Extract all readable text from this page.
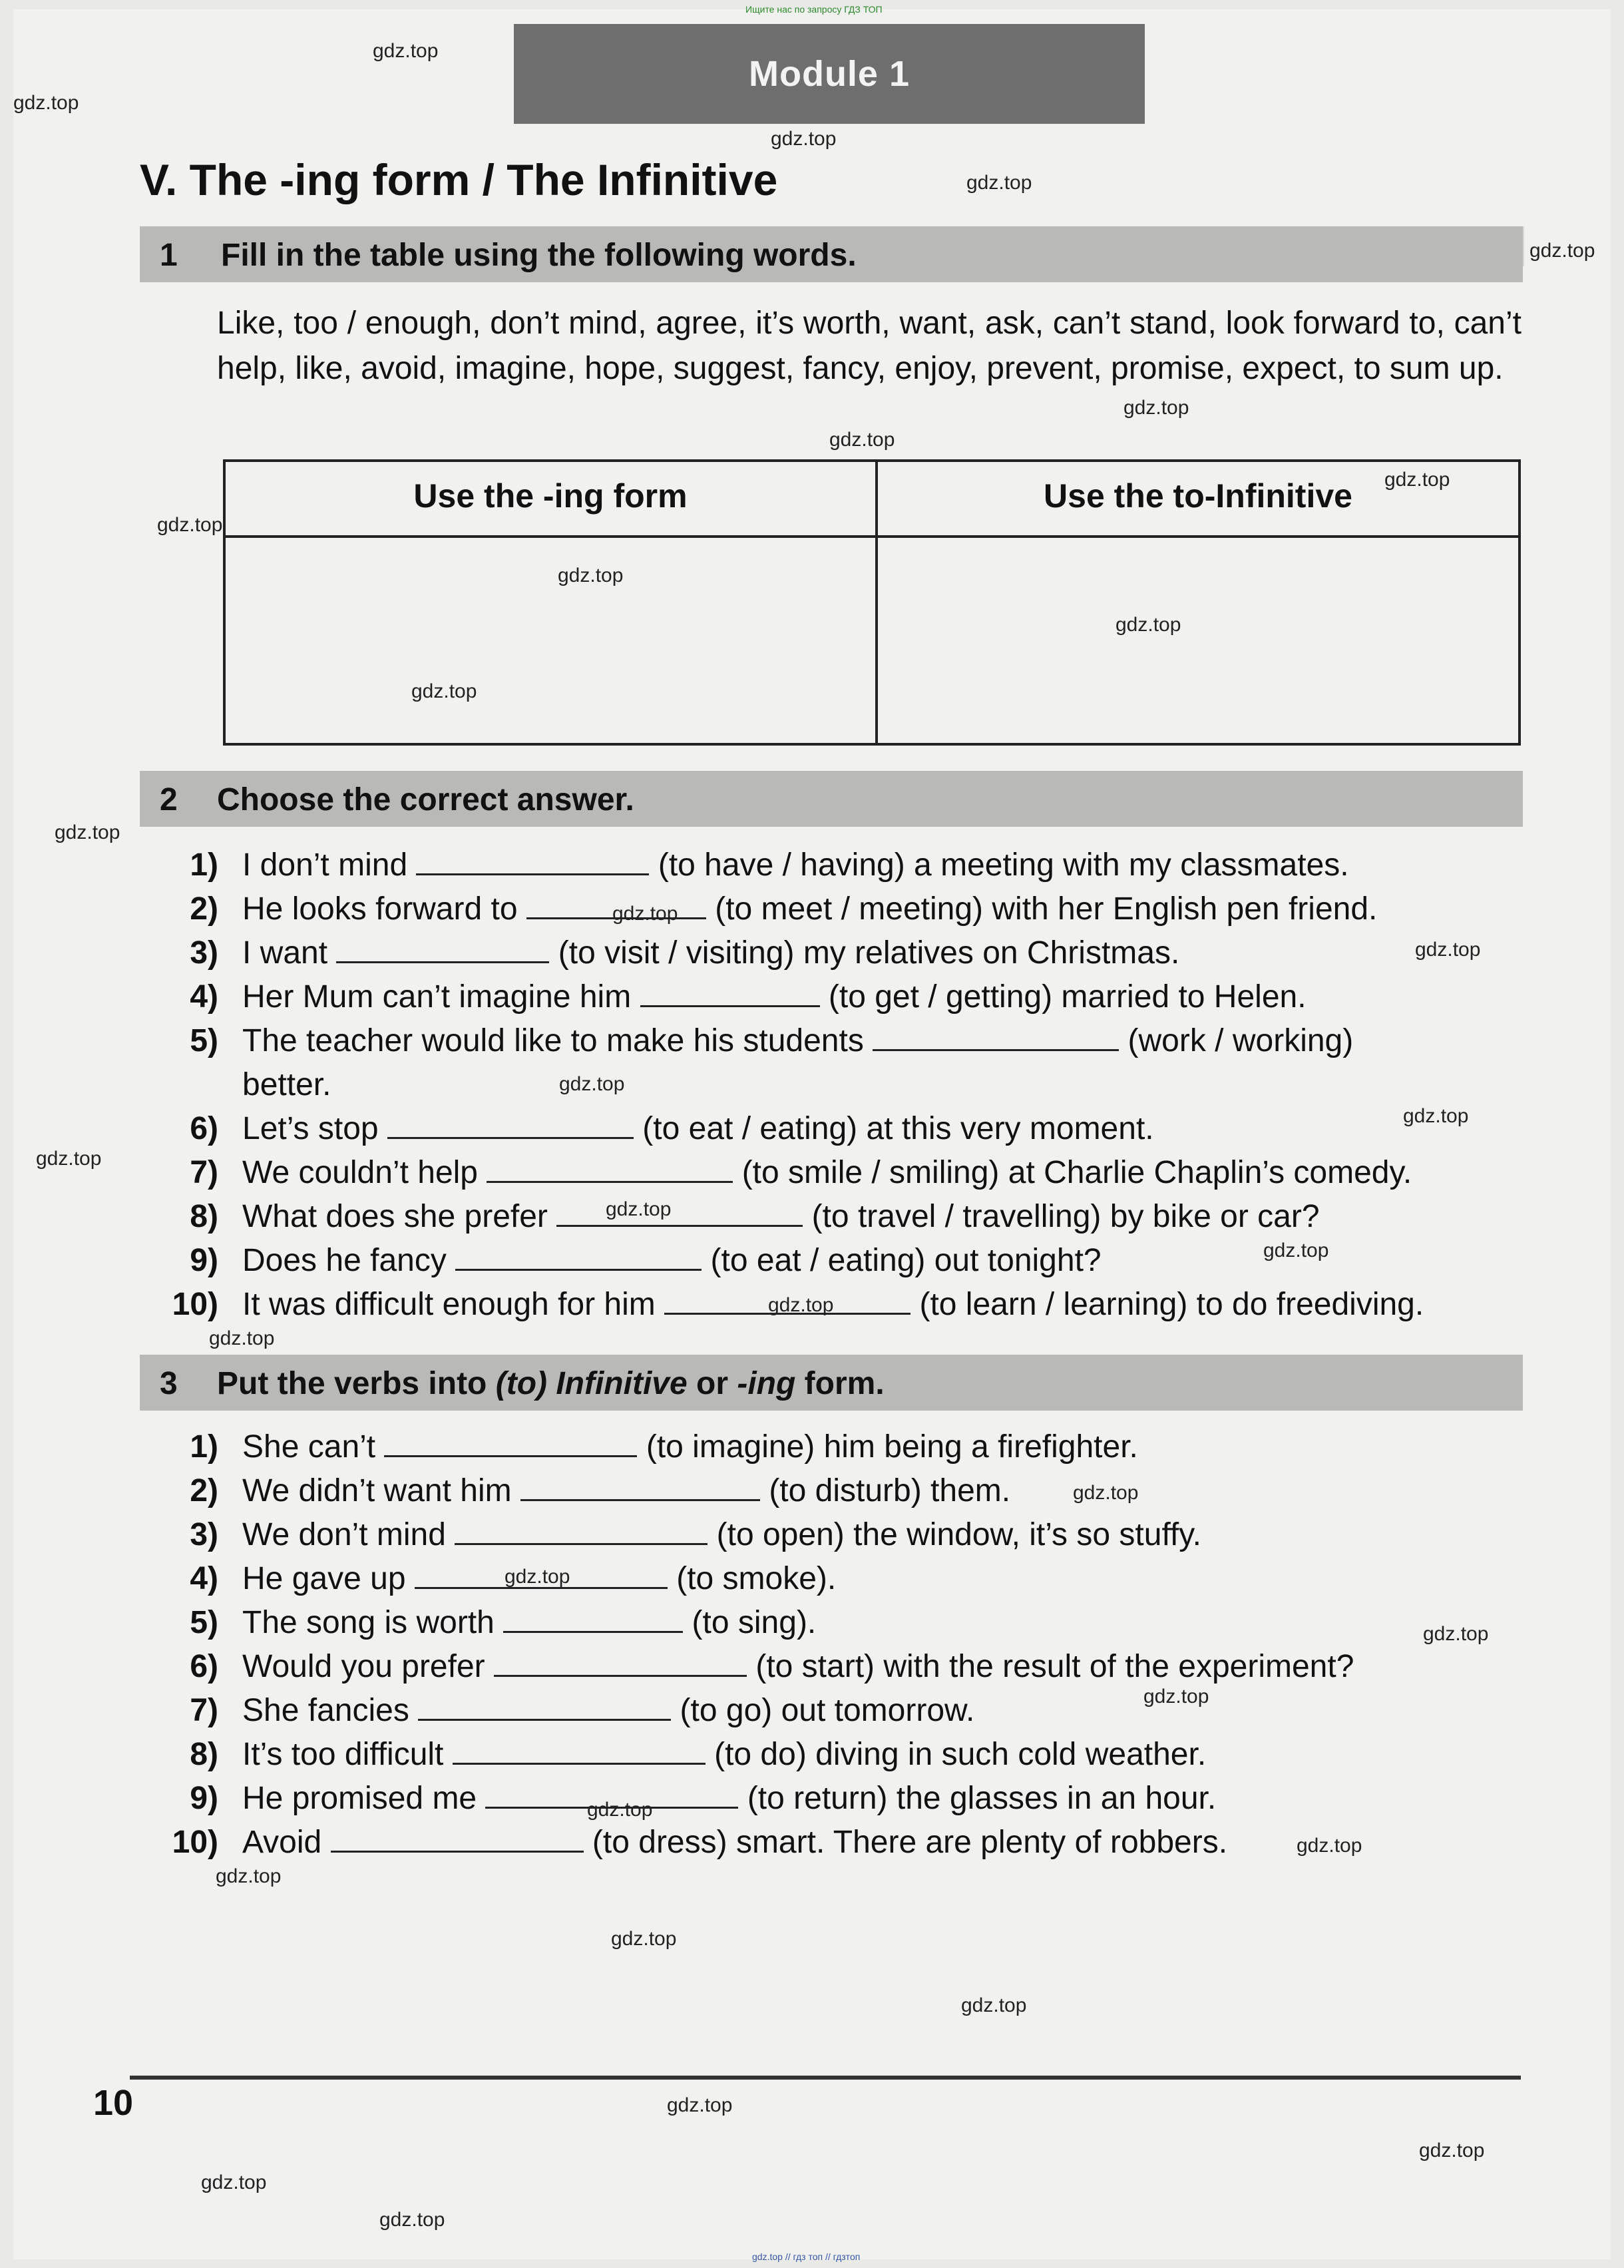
Ищите нас по запросу ГДЗ ТОП
Module 1
V. The -ing form / The Infinitive
1 Fill in the table using the following words.
Like, too / enough, don’t mind, agree, it’s worth, want, ask, can’t stand, look forward to, can’t help, like, avoid, imagine, hope, suggest, fancy, enjoy, prevent, promise, expect, to sum up.
Use the -ing form	Use the to-Infinitive
2 Choose the correct answer.
1) I don’t mind	(to have / having) a meeting with my classmates.
2) He looks forward to	(to meet / meeting) with her English pen friend.
3) I want	(to visit / visiting) my relatives on Christmas.
4) Her Mum can’t imagine him	(to get / getting) married to Helen.
5) The teacher would like to make his students	(work / working)
better.
6) Let’s stop	(to eat / eating) at this very moment.
7) We couldn’t help	(to smile / smiling) at Charlie Chaplin’s comedy.
8) What does she prefer	(to travel / travelling) by bike or car?
9) Does he fancy	(to eat / eating) out tonight?
10) It was difficult enough for him	(to learn / learning) to do freediving.
3 Put the verbs into (to) Infinitive or -ing form.
1) She can’t	(to imagine) him being a firefighter.
2) We didn’t want him	(to disturb) them.
3) We don’t mind	(to open) the window, it’s so stuffy.
4) He gave up	(to smoke).
5) The song is worth	(to sing).
6) Would you prefer	(to start) with the result of the experiment?
7) She fancies	(to go) out tomorrow.
8) It’s too difficult	(to do) diving in such cold weather.
9) He promised me	(to return) the glasses in an hour.
10) Avoid	(to dress) smart. There are plenty of robbers.
10
gdz.top // гдз топ // гдзтоп
gdz.top
gdz.top
gdz.top
gdz.top
gdz.top
gdz.top
gdz.top
gdz.top
gdz.top
gdz.top
gdz.top
gdz.top
gdz.top
gdz.top
gdz.top
gdz.top
gdz.top
gdz.top
gdz.top
gdz.top
gdz.top
gdz.top
gdz.top
gdz.top
gdz.top
gdz.top
gdz.top
gdz.top
gdz.top
gdz.top
gdz.top
gdz.top
gdz.top
gdz.top
gdz.top
